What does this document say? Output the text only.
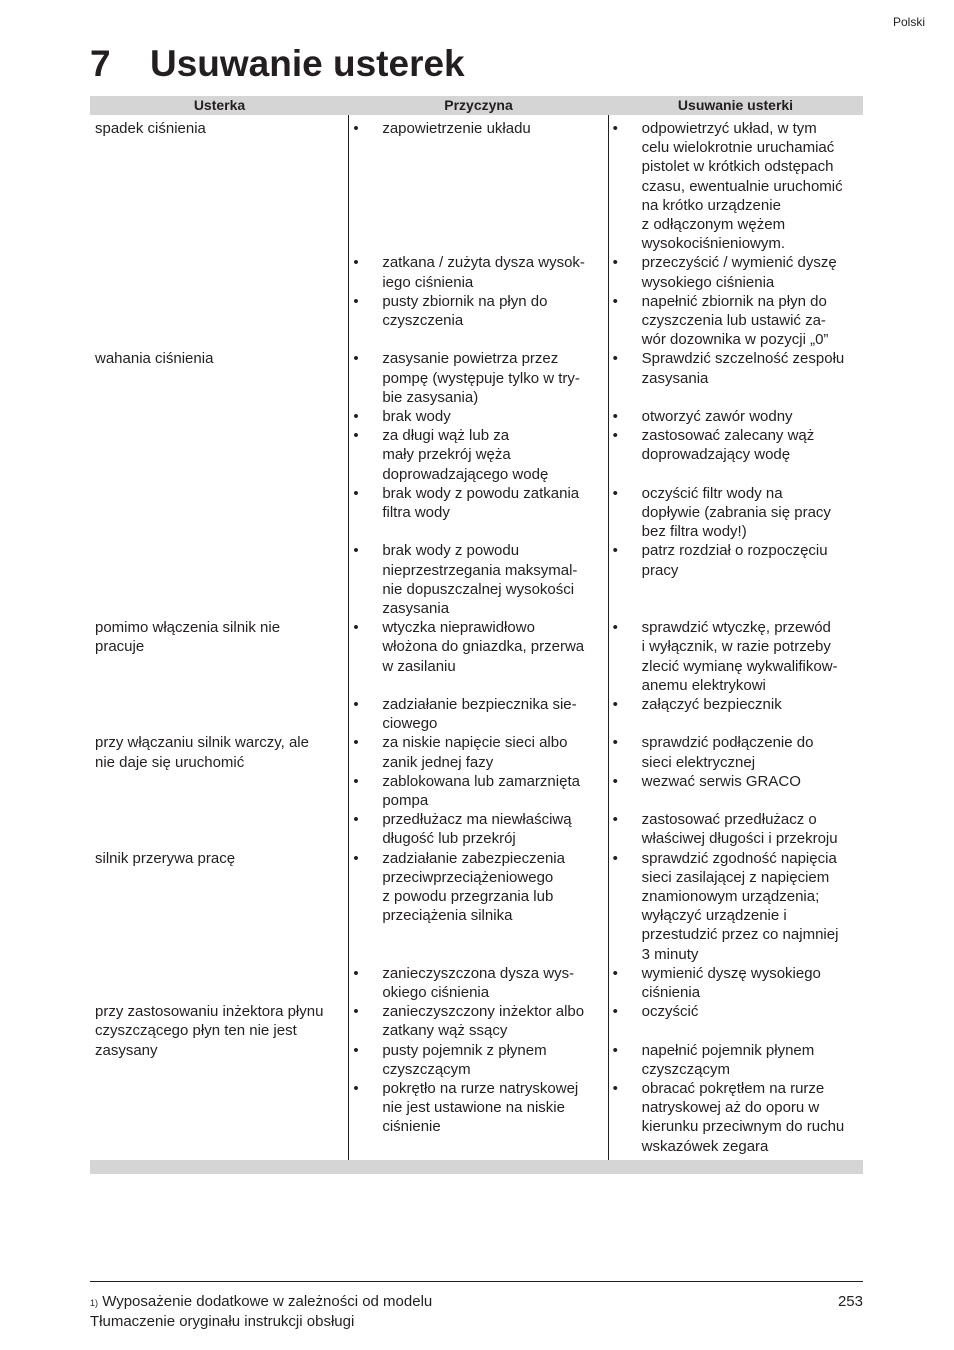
Polski
7 Usuwanie usterek
Usterka	Przyczyna	Usuwanie usterki

spadek ciśnienia

wahania ciśnienia

pomimo włączenia silnik nie
pracuje

przy włączaniu silnik warczy, ale
nie daje się uruchomić

silnik przerywa pracę

przy zastosowaniu inżektora płynu
czyszczącego płyn ten nie jest
zasysany

• zapowietrzenie układu
• zatkana / zużyta dysza wysok-
iego ciśnienia
• pusty zbiornik na płyn do
czyszczenia
• zasysanie powietrza przez
pompę (występuje tylko w try-
bie zasysania)
• brak wody
• za długi wąż lub za
mały przekrój węża
doprowadzającego wodę
• brak wody z powodu zatkania
filtra wody
• brak wody z powodu
nieprzestrzegania maksymal-
nie dopuszczalnej wysokości
zasysania
• wtyczka nieprawidłowo
włożona do gniazdka, przerwa
w zasilaniu
• zadziałanie bezpiecznika sie-
ciowego
• za niskie napięcie sieci albo
zanik jednej fazy
• zablokowana lub zamarznięta
pompa
• przedłużacz ma niewłaściwą
długość lub przekrój
• zadziałanie zabezpieczenia
przeciwprzeciążeniowego
z powodu przegrzania lub
przeciążenia silnika
• zanieczyszczona dysza wys-
okiego ciśnienia
• zanieczyszczony inżektor albo
zatkany wąż ssący
• pusty pojemnik z płynem
czyszczącym
• pokrętło na rurze natryskowej
nie jest ustawione na niskie
ciśnienie
• odpowietrzyć układ, w tym
celu wielokrotnie uruchamiać
pistolet w krótkich odstępach
czasu, ewentualnie uruchomić
na krótko urządzenie
z odłączonym wężem
wysokociśnieniowym.
• przeczyścić / wymienić dyszę
wysokiego ciśnienia
• napełnić zbiornik na płyn do
czyszczenia lub ustawić za-
wór dozownika w pozycji „0”
• Sprawdzić szczelność zespołu
zasysania
• otworzyć zawór wodny
• zastosować zalecany wąż
doprowadzający wodę
• oczyścić filtr wody na
dopływie (zabrania się pracy
bez filtra wody!)
• patrz rozdział o rozpoczęciu
pracy
• sprawdzić wtyczkę, przewód
i wyłącznik, w razie potrzeby
zlecić wymianę wykwalifikow-
anemu elektrykowi
• załączyć bezpiecznik
• sprawdzić podłączenie do
sieci elektrycznej
• wezwać serwis GRACO
• zastosować przedłużacz o
właściwej długości i przekroju
• sprawdzić zgodność napięcia
sieci zasilającej z napięciem
znamionowym urządzenia;
wyłączyć urządzenie i
przestudzić przez co najmniej
3 minuty
• wymienić dyszę wysokiego
ciśnienia
• oczyścić
• napełnić pojemnik płynem
czyszczącym
• obracać pokrętłem na rurze
natryskowej aż do oporu w
kierunku przeciwnym do ruchu
wskazówek zegara
$^{1)}$ Wyposażenie dodatkowe w zależności od modelu
Tłumaczenie oryginału instrukcji obsługi
253
